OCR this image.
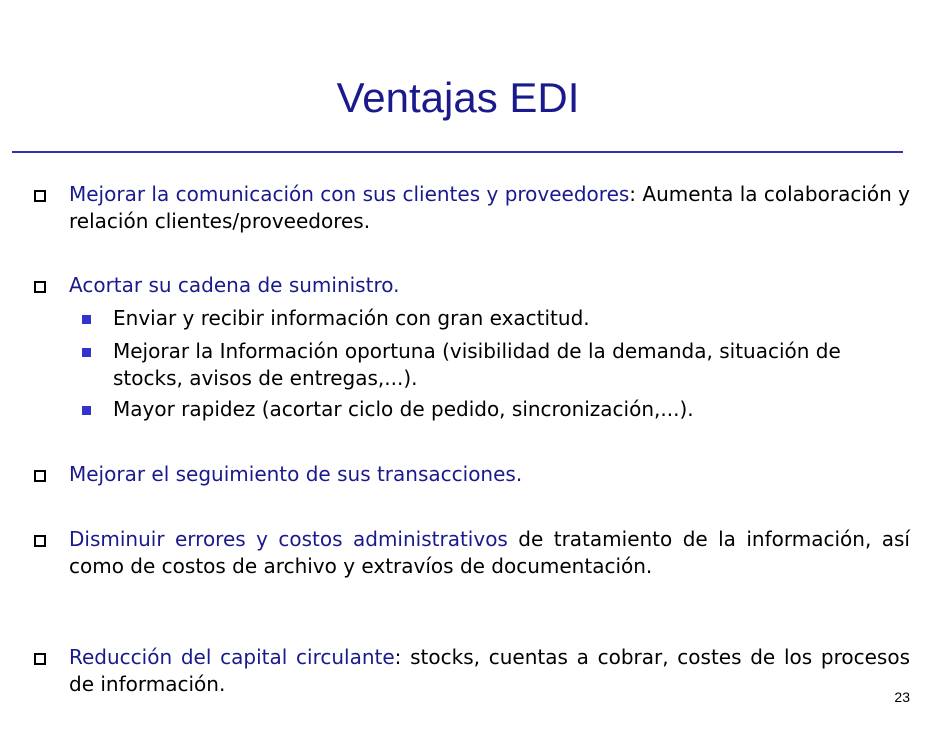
Ventajas EDI
Mejorar la comunicación con sus clientes y proveedores: Aumenta la colaboración y relación clientes/proveedores.
Acortar su cadena de suministro.
Enviar y recibir información con gran exactitud.
Mejorar la Información oportuna (visibilidad de la demanda, situación de stocks, avisos de entregas,...).
Mayor rapidez (acortar ciclo de pedido, sincronización,...).
Mejorar el seguimiento de sus transacciones.
Disminuir errores y costos administrativos de tratamiento de la información, así como de costos de archivo y extravíos de documentación.
Reducción del capital circulante: stocks, cuentas a cobrar, costes de los procesos de información.
23
